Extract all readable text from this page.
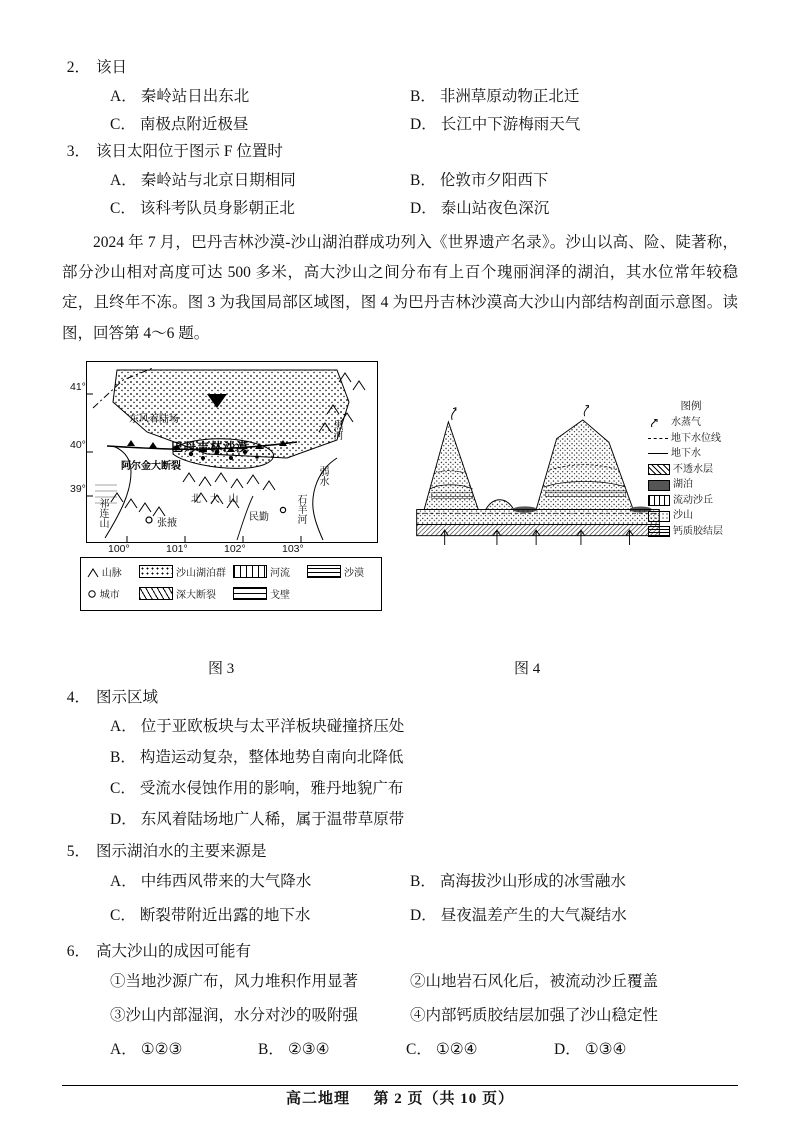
2． 该日
A． 秦岭站日出东北	B． 非洲草原动物正北迁
C． 南极点附近极昼	D． 长江中下游梅雨天气
3． 该日太阳位于图示 F 位置时
A． 秦岭站与北京日期相同	B． 伦敦市夕阳西下
C． 该科考队员身影朝正北	D． 泰山站夜色深沉

2024 年 7 月，巴丹吉林沙漠-沙山湖泊群成功列入《世界遗产名录》。沙山以高、险、陡著称，部分沙山相对高度可达 500 多米，高大沙山之间分布有上百个瑰丽润泽的湖泊，其水位常年较稳定，且终年不冻。图 3 为我国局部区域图，图 4 为巴丹吉林沙漠高大沙山内部结构剖面示意图。读图，回答第 4～6 题。

41°
40°
39°
东风着陆场
巴丹吉林沙漠
阿尔金大断裂
北 大 山
民勤	石羊河
祁连山	张掖
黑河
弱水
100°	101°	102°	103°
山脉	沙山湖泊群	河流	沙漠
城市	深大断裂	戈壁
图例
水蒸气
地下水位线
地下水
不透水层
湖泊
流动沙丘
沙山
钙质胶结层
图 3	图 4
4． 图示区域
A． 位于亚欧板块与太平洋板块碰撞挤压处
B． 构造运动复杂，整体地势自南向北降低
C． 受流水侵蚀作用的影响，雅丹地貌广布
D． 东风着陆场地广人稀，属于温带草原带
5． 图示湖泊水的主要来源是
A． 中纬西风带来的大气降水	B． 高海拔沙山形成的冰雪融水
C． 断裂带附近出露的地下水	D． 昼夜温差产生的大气凝结水
6． 高大沙山的成因可能有
①当地沙源广布，风力堆积作用显著	②山地岩石风化后，被流动沙丘覆盖
③沙山内部湿润，水分对沙的吸附强	④内部钙质胶结层加强了沙山稳定性
A． ①②③	B． ②③④	C． ①②④	D． ①③④
高二地理 第 2 页（共 10 页）
